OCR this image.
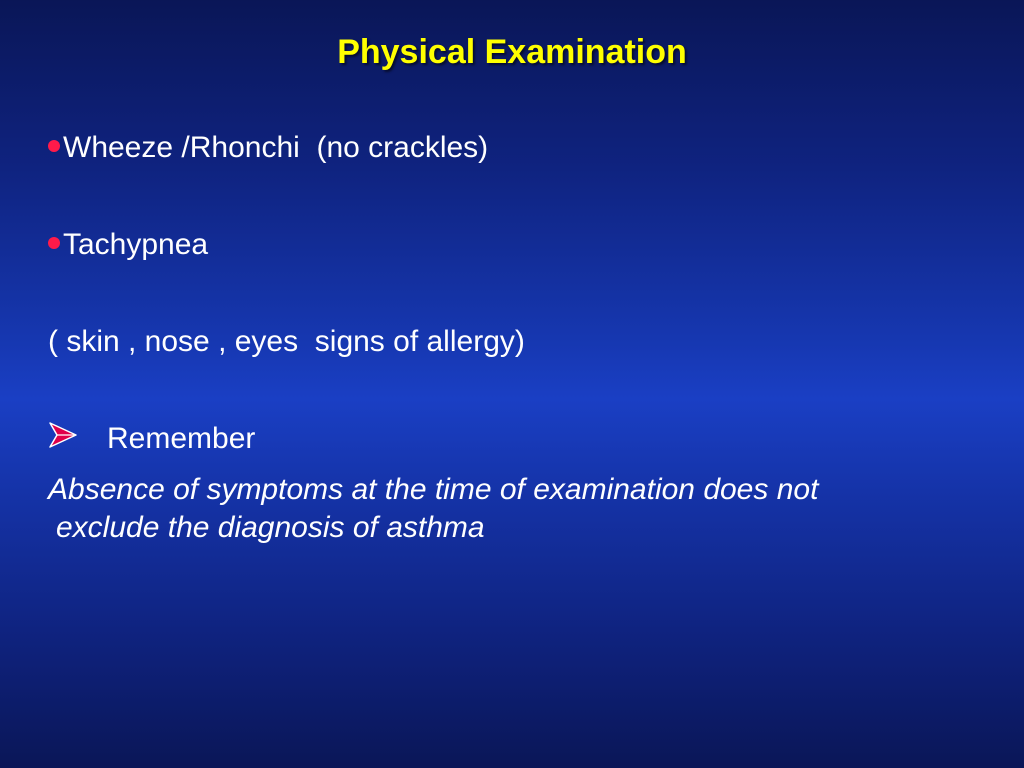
Physical Examination
Wheeze /Rhonchi  (no crackles)
Tachypnea
( skin , nose , eyes  signs of allergy)
Remember
Absence of symptoms at the time of examination does not
exclude the diagnosis of asthma
